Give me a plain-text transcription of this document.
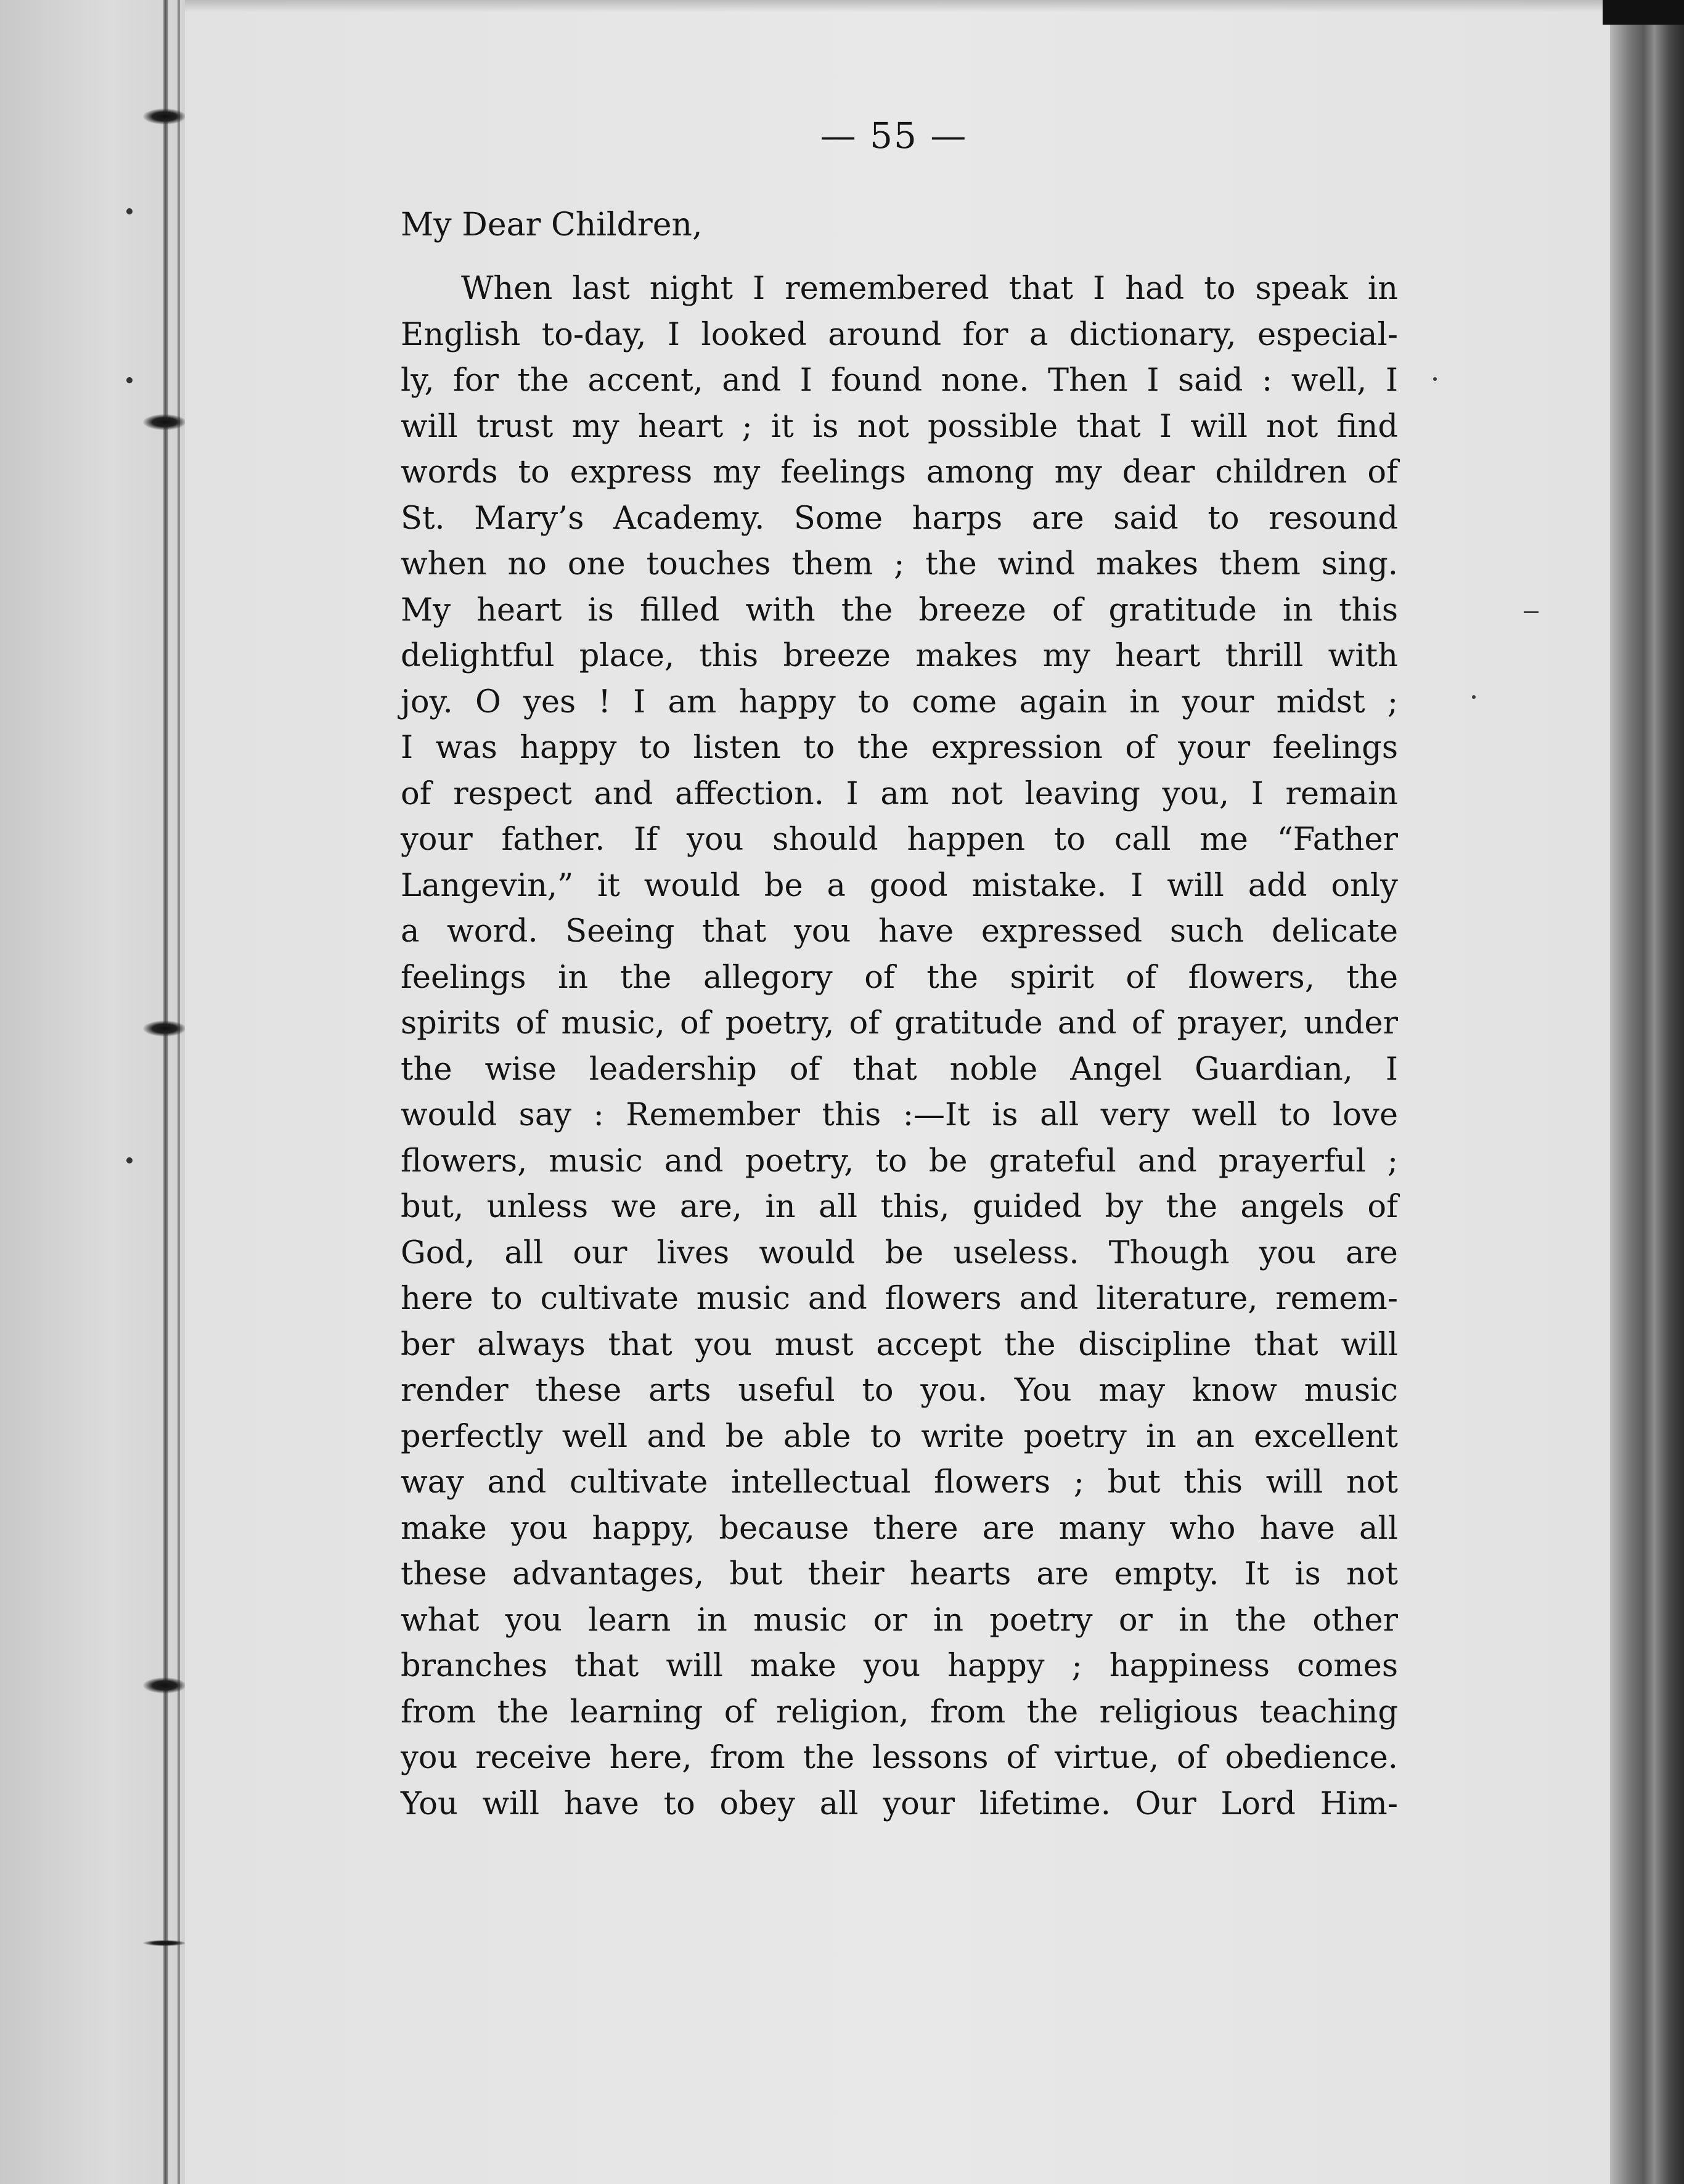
— 55 —
My Dear Children,
When last night I remembered that I had to speak in
English to-day, I looked around for a dictionary, especial-
ly, for the accent, and I found none. Then I said : well, I
will trust my heart ; it is not possible that I will not find
words to express my feelings among my dear children of
St. Mary’s Academy. Some harps are said to resound
when no one touches them ; the wind makes them sing.
My heart is filled with the breeze of gratitude in this
delightful place, this breeze makes my heart thrill with
joy. O yes ! I am happy to come again in your midst ;
I was happy to listen to the expression of your feelings
of respect and affection. I am not leaving you, I remain
your father. If you should happen to call me “Father
Langevin,” it would be a good mistake. I will add only
a word. Seeing that you have expressed such delicate
feelings in the allegory of the spirit of flowers, the
spirits of music, of poetry, of gratitude and of prayer, under
the wise leadership of that noble Angel Guardian, I
would say : Remember this :—It is all very well to love
flowers, music and poetry, to be grateful and prayerful ;
but, unless we are, in all this, guided by the angels of
God, all our lives would be useless. Though you are
here to cultivate music and flowers and literature, remem-
ber always that you must accept the discipline that will
render these arts useful to you. You may know music
perfectly well and be able to write poetry in an excellent
way and cultivate intellectual flowers ; but this will not
make you happy, because there are many who have all
these advantages, but their hearts are empty. It is not
what you learn in music or in poetry or in the other
branches that will make you happy ; happiness comes
from the learning of religion, from the religious teaching
you receive here, from the lessons of virtue, of obedience.
You will have to obey all your lifetime. Our Lord Him-
